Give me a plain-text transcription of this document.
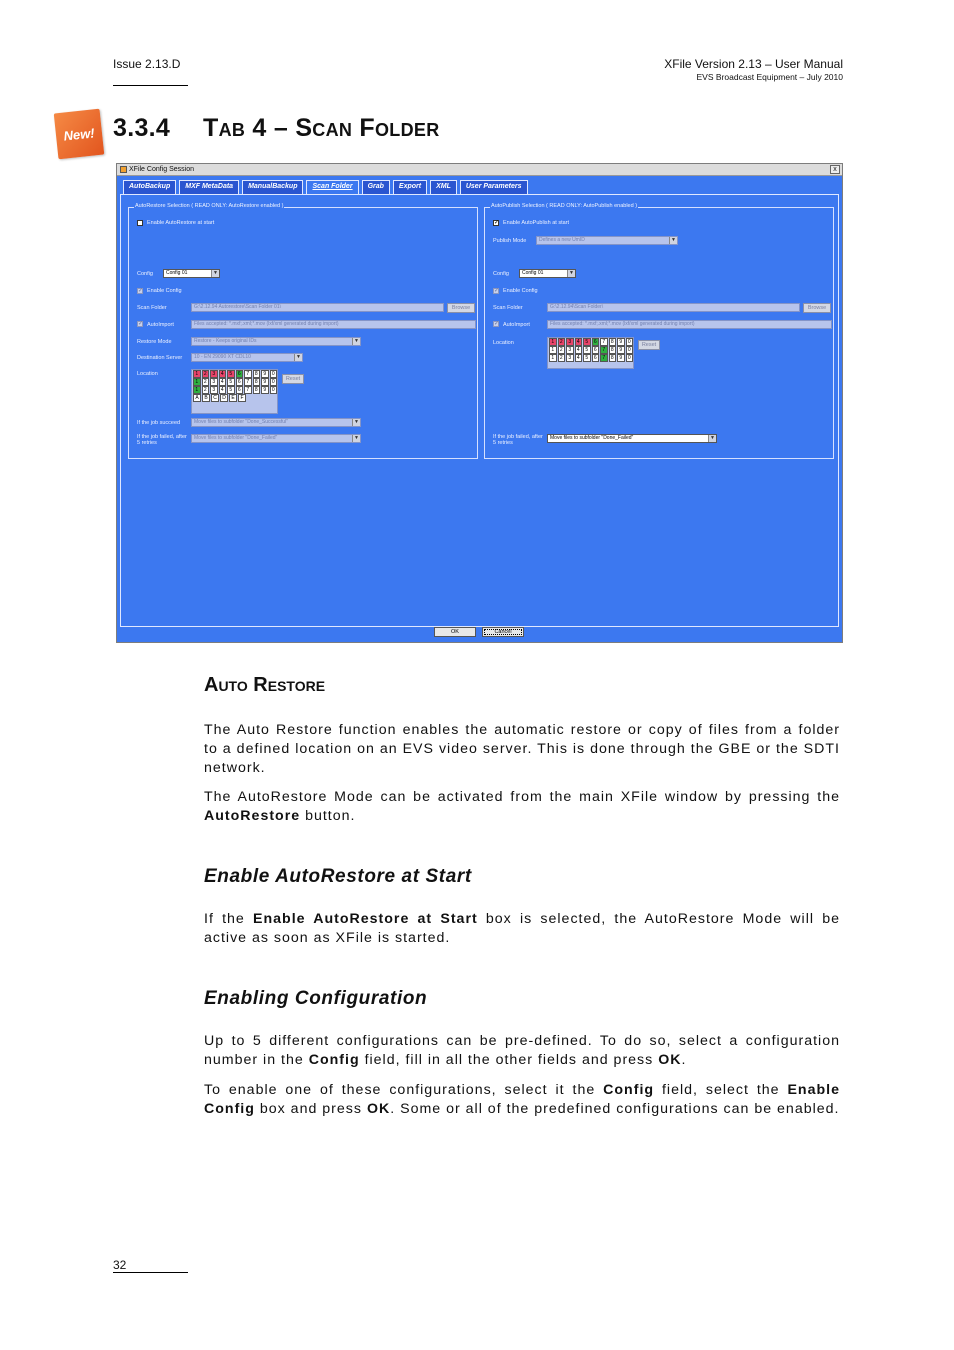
Issue 2.13.D	XFile Version 2.13 – User Manual
EVS Broadcast Equipment – July 2010
New! 3.3.4 Tab 4 – Scan Folder
XFile Config Session	x
AutoBackup	MXF MetaData	ManualBackup	Scan Folder	Grab	Export	XML	User Parameters
AutoRestore Selection ( READ ONLY: AutoRestore enabled )
Enable AutoRestore at start
Config	Config 01	▼
✓ Enable Config
Scan Folder	G:\2.12.94 Autorestore\Scan Folder 01\	Browse
✓ AutoImport	Files accepted: *.mxf;.xml;*.mov (lxf/xml generated during import)
Restore Mode	Restore - Keeps original IDs	▼
Destination Server	10 - EN 29090 XT CDL10	▼
Location	1	2	3	4	5	6	7	8	9	0
1	2	3	4	5	6	7	8	9	0
1	2	3	4	5	6	7	8	9	0
A	B	C	D	E	F
Reset
If the job succeed	Move files to subfolder "Done_Successful"	▼
If the job failed, after 5 retries
Move files to subfolder "Done_Failed"	▼
AutoPublish Selection ( READ ONLY: AutoPublish enabled )
✓ Enable AutoPublish at start
Publish Mode	Defines a new UmID	▼
Config	Config 01	▼
✓ Enable Config
Scan Folder	G:\2.12.94\Scan Folder\	Browse
✓ AutoImport	Files accepted: *.mxf;.xml;*.mov (lxf/xml generated during import)
Location	1	2	3	4	5	6	7	8	9	0
1	2	3	4	5	6	7	8	9	0
1	2	3	4	5	6	7	8	9	0
Reset
If the job failed, after 5 retries
Move files to subfolder "Done_Failed"	▼
OK	Cancel
Auto Restore
The Auto Restore function enables the automatic restore or copy of files from a folder to a defined location on an EVS video server. This is done through the GBE or the SDTI network.
The AutoRestore Mode can be activated from the main XFile window by pressing the AutoRestore button.
Enable AutoRestore at Start
If the Enable AutoRestore at Start box is selected, the AutoRestore Mode will be active as soon as XFile is started.
Enabling Configuration
Up to 5 different configurations can be pre-defined. To do so, select a configuration number in the Config field, fill in all the other fields and press OK.
To enable one of these configurations, select it the Config field, select the Enable Config box and press OK. Some or all of the predefined configurations can be enabled.
32
